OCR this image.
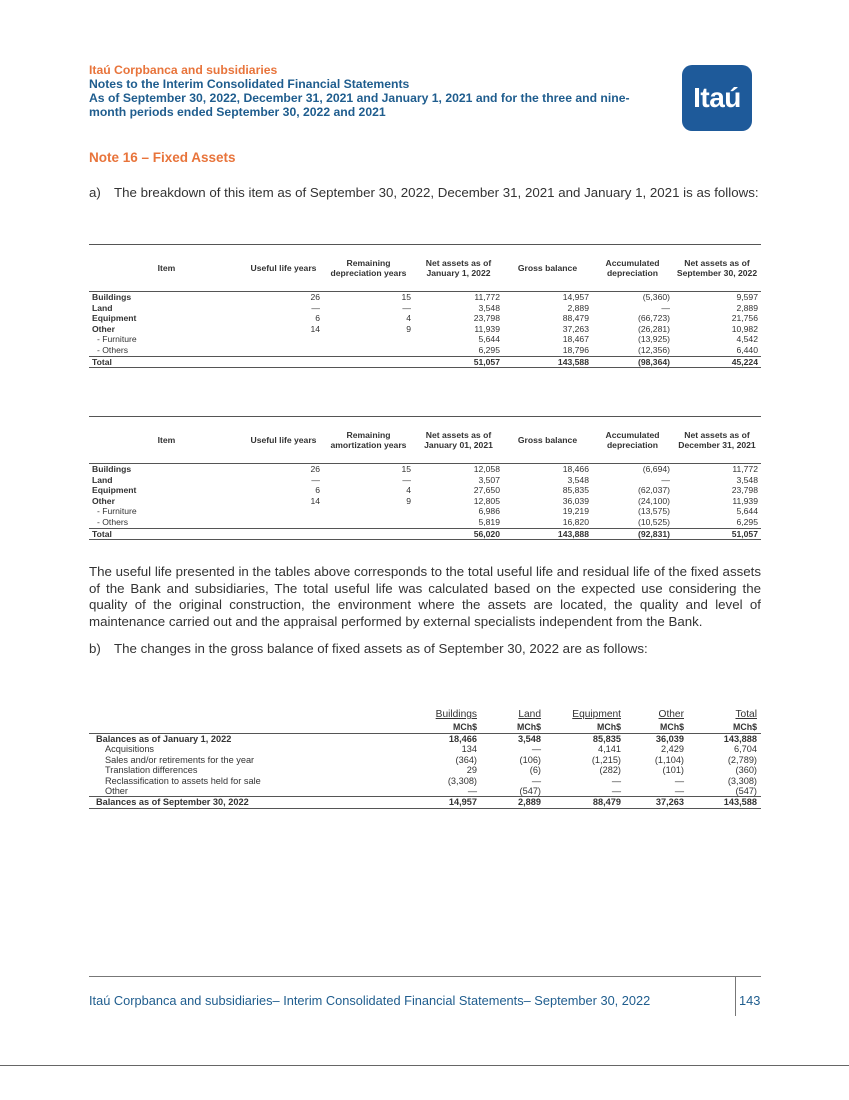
Itaú Corpbanca and subsidiaries
Notes to the Interim Consolidated Financial Statements
As of September 30, 2022, December 31, 2021 and January 1, 2021 and for the three and nine-
month periods ended September 30, 2022 and 2021	Itaú
Note 16 – Fixed Assets
a) The breakdown of this item as of September 30, 2022, December 31, 2021 and January 1, 2021 is as follows:
Item	Useful life years	Remaining depreciation years	Net assets as of January 1, 2022	Gross balance	Accumulated depreciation	Net assets as of September 30, 2022
Buildings	26	15	11,772	14,957	(5,360)	9,597
Land	—	—	3,548	2,889	—	2,889
Equipment	6	4	23,798	88,479	(66,723)	21,756
Other	14	9	11,939	37,263	(26,281)	10,982
- Furniture			5,644	18,467	(13,925)	4,542
- Others			6,295	18,796	(12,356)	6,440
Total			51,057	143,588	(98,364)	45,224
Item	Useful life years	Remaining amortization years	Net assets as of January 01, 2021	Gross balance	Accumulated depreciation	Net assets as of December 31, 2021
Buildings	26	15	12,058	18,466	(6,694)	11,772
Land	—	—	3,507	3,548	—	3,548
Equipment	6	4	27,650	85,835	(62,037)	23,798
Other	14	9	12,805	36,039	(24,100)	11,939
- Furniture			6,986	19,219	(13,575)	5,644
- Others			5,819	16,820	(10,525)	6,295
Total			56,020	143,888	(92,831)	51,057
The useful life presented in the tables above corresponds to the total useful life and residual life of the fixed assets of the Bank and subsidiaries, The total useful life was calculated based on the expected use considering the quality of the original construction, the environment where the assets are located, the quality and level of maintenance carried out and the appraisal performed by external specialists independent from the Bank.
b) The changes in the gross balance of fixed assets as of September 30, 2022 are as follows:
	Buildings	Land	Equipment	Other	Total
	MCh$	MCh$	MCh$	MCh$	MCh$
Balances as of January 1, 2022	18,466	3,548	85,835	36,039	143,888
Acquisitions	134	—	4,141	2,429	6,704
Sales and/or retirements for the year	(364)	(106)	(1,215)	(1,104)	(2,789)
Translation differences	29	(6)	(282)	(101)	(360)
Reclassification to assets held for sale	(3,308)	—	—	—	(3,308)
Other	—	(547)	—	—	(547)
Balances as of September 30, 2022	14,957	2,889	88,479	37,263	143,588
Itaú Corpbanca and subsidiaries– Interim Consolidated Financial Statements– September 30, 2022	143
